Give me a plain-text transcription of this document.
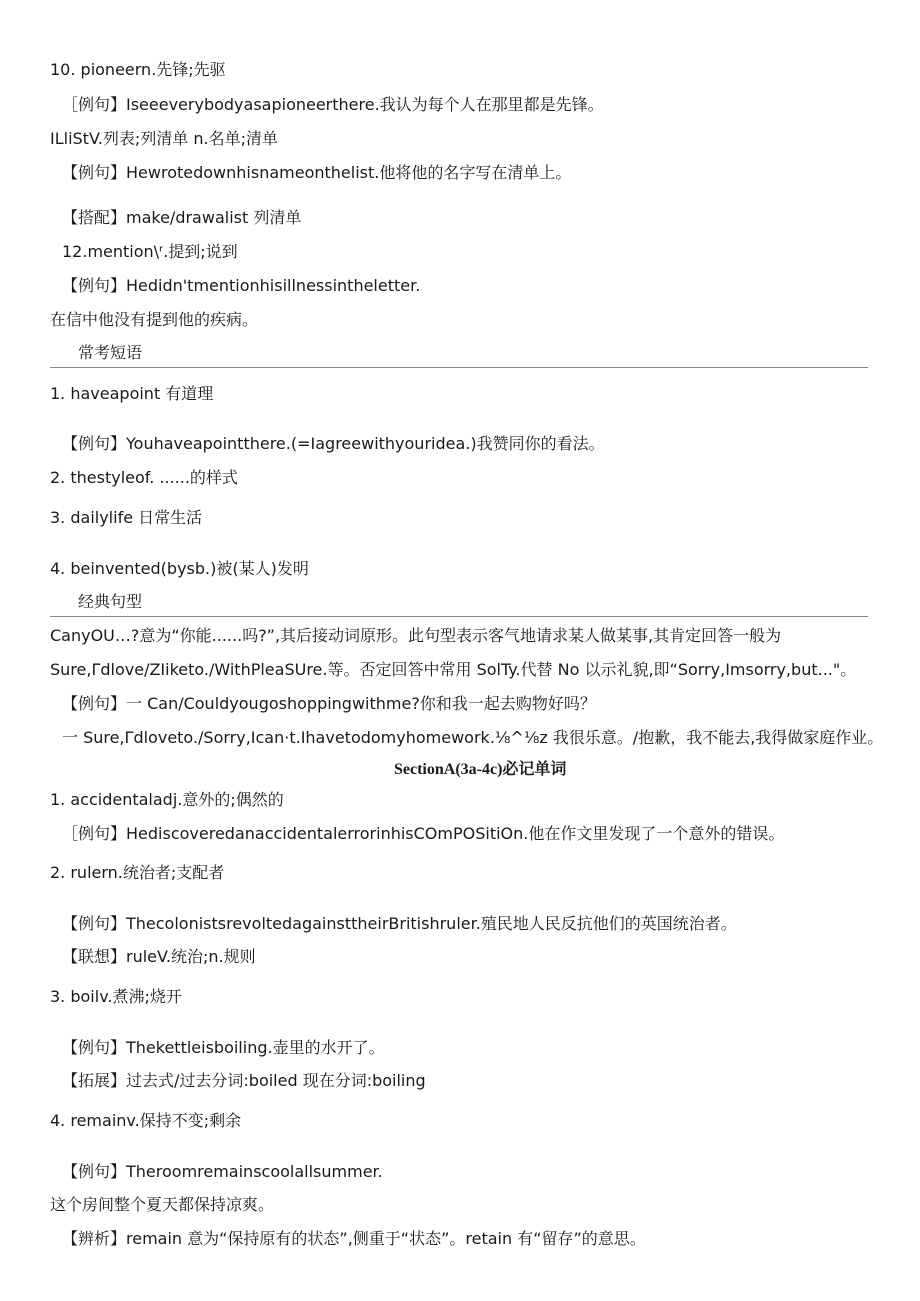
10. pioneern.先锋;先驱
［例句】Iseeeverybodyasapioneerthere.我认为每个人在那里都是先锋。
ILliStV.列表;列清单 n.名单;清单
【例句】Hewrotedownhisnameonthelist.他将他的名字写在清单上。
【搭配】make/drawalist 列清单
12.mention\ʳ.提到;说到
【例句】Hedidn'tmentionhisillnessintheletter.
在信中他没有提到他的疾病。
常考短语
1. haveapoint 有道理
【例句】Youhaveapointthere.(=Iagreewithyouridea.)我赞同你的看法。
2. thestyleof. ......的样式
3. dailylife 日常生活
4. beinvented(bysb.)被(某人)发明
经典句型
CanyOU…?意为“你能......吗?”,其后接动词原形。此句型表示客气地请求某人做某事,其肯定回答一般为
Sure,Γdlove/ZIiketo./WithPleaSUre.等。否定回答中常用 SolTy.代替 No 以示礼貌,即“Sorry,Imsorry,but..."。
【例句】一 Can/Couldyougoshoppingwithme?你和我一起去购物好吗？
一 Sure,Γdloveto./Sorry,Ican·t.Ihavetodomyhomework.⅛^⅛z 我很乐意。/抱歉，我不能去,我得做家庭作业。
SectionA(3a-4c)必记单词
1. accidentaladj.意外的;偶然的
［例句】HediscoveredanaccidentalerrorinhisCOmPOSitiOn.他在作文里发现了一个意外的错误。
2. rulern.统治者;支配者
【例句】ThecolonistsrevoltedagainsttheirBritishruler.殖民地人民反抗他们的英国统治者。
【联想】ruleV.统治;n.规则
3. boilv.煮沸;烧开
【例句】Thekettleisboiling.壶里的水开了。
【拓展】过去式/过去分词:boiled 现在分词:boiling
4. remainv.保持不变;剩余
【例句】Theroomremainscoolallsummer.
这个房间整个夏天都保持凉爽。
【辨析】remain 意为“保持原有的状态”,侧重于“状态”。retain 有“留存”的意思。
